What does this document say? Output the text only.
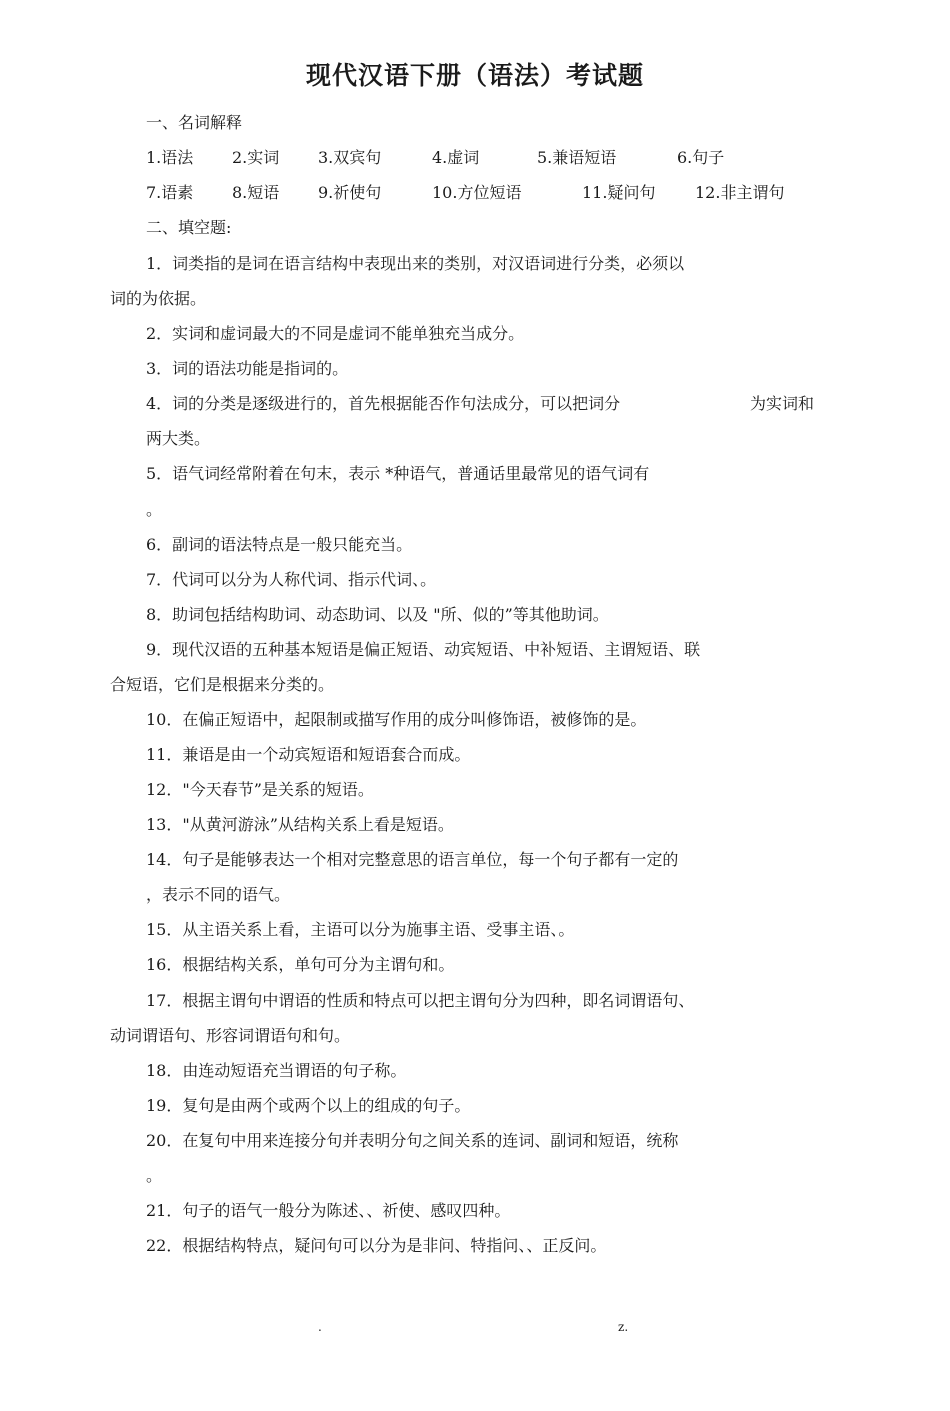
现代汉语下册（语法）考试题
一、名词解释
1.语法 2.实词 3.双宾句	4.虚词	5.兼语短语	6.句子
7.语素 8.短语 9.祈使句	10.方位短语	11.疑问句 12.非主谓句
二、填空题:
1．词类指的是词在语言结构中表现出来的类别，对汉语词进行分类，必须以
词的为依据。
2．实词和虚词最大的不同是虚词不能单独充当成分。
3．词的语法功能是指词的。
4．词的分类是逐级进行的，首先根据能否作句法成分，可以把词分	为实词和
两大类。
5．语气词经常附着在句末，表示 *种语气，普通话里最常见的语气词有
。
6．副词的语法特点是一般只能充当。
7．代词可以分为人称代词、指示代词、。
8．助词包括结构助词、动态助词、以及 "所、似的”等其他助词。
9．现代汉语的五种基本短语是偏正短语、动宾短语、中补短语、主谓短语、联
合短语，它们是根据来分类的。
10．在偏正短语中，起限制或描写作用的成分叫修饰语，被修饰的是。
11．兼语是由一个动宾短语和短语套合而成。
12．"今天春节”是关系的短语。
13．"从黄河游泳”从结构关系上看是短语。
14．句子是能够表达一个相对完整意思的语言单位，每一个句子都有一定的
，表示不同的语气。
15．从主语关系上看，主语可以分为施事主语、受事主语、。
16．根据结构关系，单句可分为主谓句和。
17．根据主谓句中谓语的性质和特点可以把主谓句分为四种，即名词谓语句、
动词谓语句、形容词谓语句和句。
18．由连动短语充当谓语的句子称。
19．复句是由两个或两个以上的组成的句子。
20．在复句中用来连接分句并表明分句之间关系的连词、副词和短语，统称
。
21．句子的语气一般分为陈述、、祈使、感叹四种。
22．根据结构特点，疑问句可以分为是非问、特指问、、正反问。
.	z.
